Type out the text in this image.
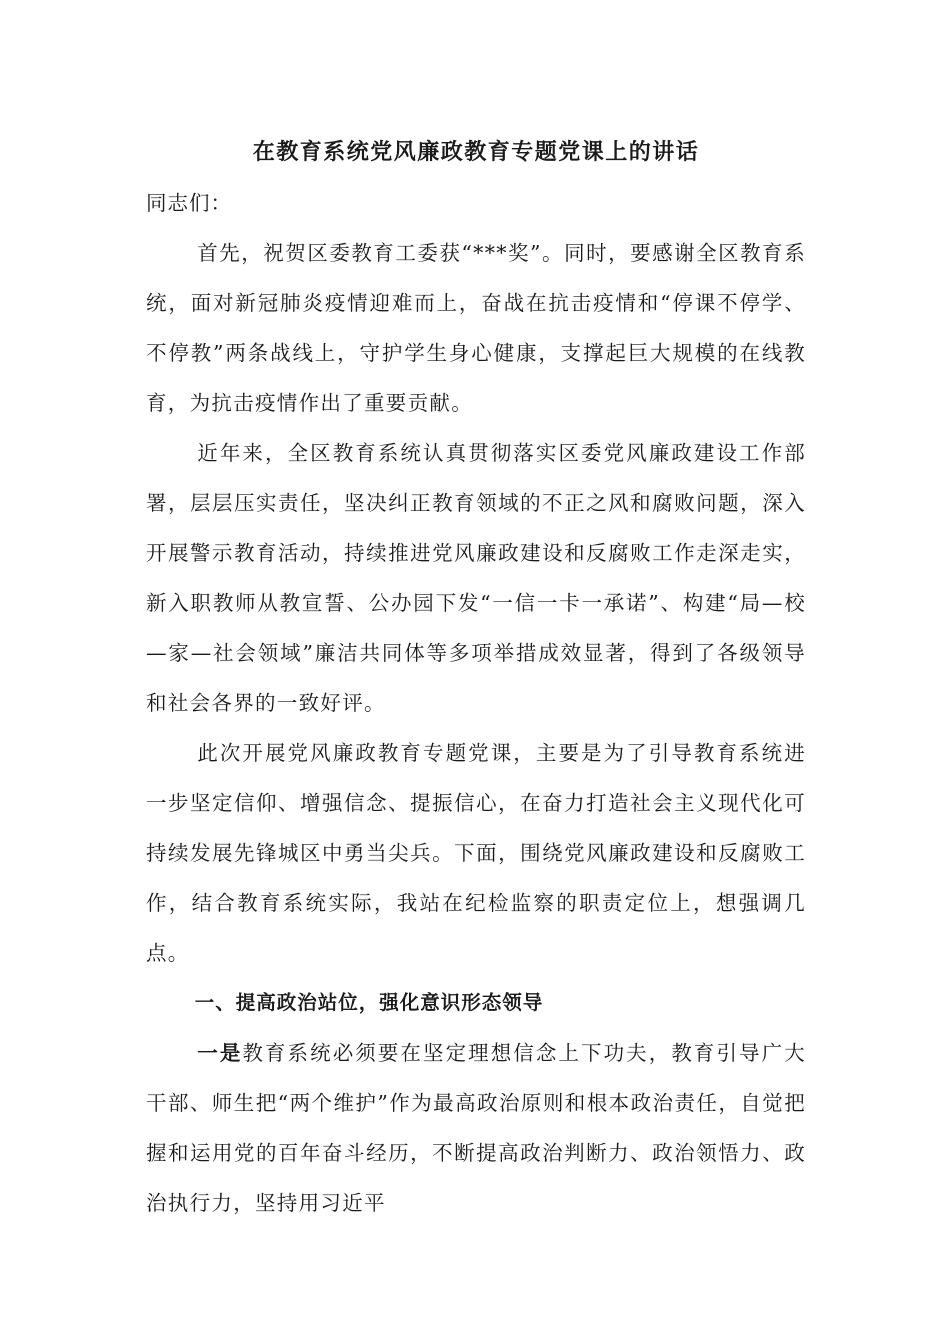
在教育系统党风廉政教育专题党课上的讲话

同志们：

首先，祝贺区委教育工委获“***奖”。同时，要感谢全区教育系统，面对新冠肺炎疫情迎难而上，奋战在抗击疫情和“停课不停学、不停教”两条战线上，守护学生身心健康，支撑起巨大规模的在线教育，为抗击疫情作出了重要贡献。

近年来，全区教育系统认真贯彻落实区委党风廉政建设工作部署，层层压实责任，坚决纠正教育领域的不正之风和腐败问题，深入开展警示教育活动，持续推进党风廉政建设和反腐败工作走深走实，新入职教师从教宣誓、公办园下发“一信一卡一承诺”、构建“局—校—家—社会领域”廉洁共同体等多项举措成效显著，得到了各级领导和社会各界的一致好评。

此次开展党风廉政教育专题党课，主要是为了引导教育系统进一步坚定信仰、增强信念、提振信心，在奋力打造社会主义现代化可持续发展先锋城区中勇当尖兵。下面，围绕党风廉政建设和反腐败工作，结合教育系统实际，我站在纪检监察的职责定位上，想强调几点。

一、提高政治站位，强化意识形态领导

一是教育系统必须要在坚定理想信念上下功夫，教育引导广大干部、师生把“两个维护”作为最高政治原则和根本政治责任，自觉把握和运用党的百年奋斗经历，不断提高政治判断力、政治领悟力、政治执行力，坚持用习近平
